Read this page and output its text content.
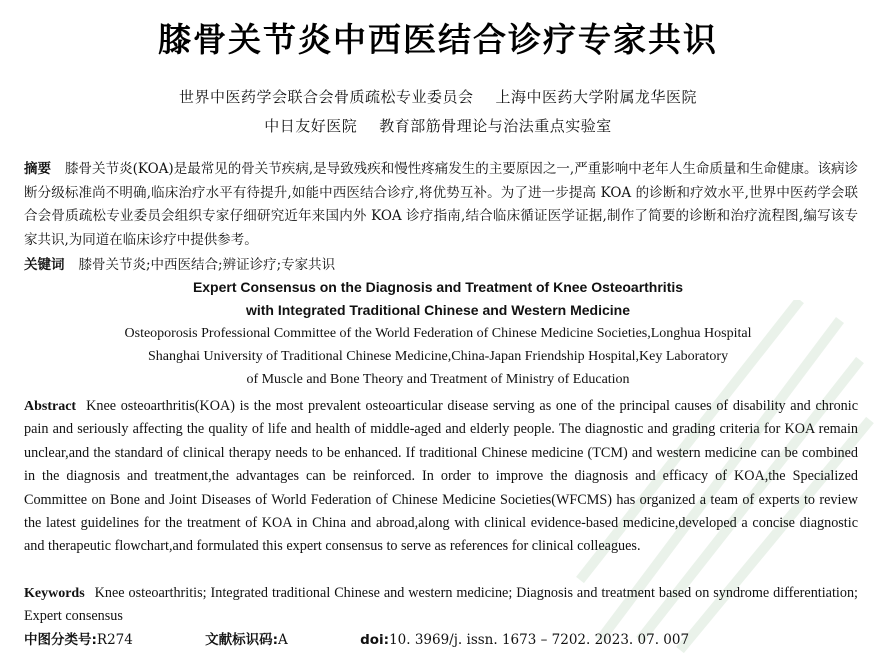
膝骨关节炎中西医结合诊疗专家共识
世界中医药学会联合会骨质疏松专业委员会 上海中医药大学附属龙华医院
中日友好医院 教育部筋骨理论与治法重点实验室
摘要 膝骨关节炎(KOA)是最常见的骨关节疾病,是导致残疾和慢性疼痛发生的主要原因之一,严重影响中老年人生命质量和生命健康。该病诊断分级标准尚不明确,临床治疗水平有待提升,如能中西医结合诊疗,将优势互补。为了进一步提高 KOA 的诊断和疗效水平,世界中医药学会联合会骨质疏松专业委员会组织专家仔细研究近年来国内外 KOA 诊疗指南,结合临床循证医学证据,制作了简要的诊断和治疗流程图,编写该专家共识,为同道在临床诊疗中提供参考。
关键词 膝骨关节炎;中西医结合;辨证诊疗;专家共识
Expert Consensus on the Diagnosis and Treatment of Knee Osteoarthritis
with Integrated Traditional Chinese and Western Medicine
Osteoporosis Professional Committee of the World Federation of Chinese Medicine Societies,Longhua Hospital
Shanghai University of Traditional Chinese Medicine,China-Japan Friendship Hospital,Key Laboratory
of Muscle and Bone Theory and Treatment of Ministry of Education
Abstract Knee osteoarthritis(KOA) is the most prevalent osteoarticular disease serving as one of the principal causes of disability and chronic pain and seriously affecting the quality of life and health of middle-aged and elderly people. The diagnostic and grading criteria for KOA remain unclear,and the standard of clinical therapy needs to be enhanced. If traditional Chinese medicine (TCM) and western medicine can be combined in the diagnosis and treatment,the advantages can be reinforced. In order to improve the diagnosis and efficacy of KOA,the Specialized Committee on Bone and Joint Diseases of World Federation of Chinese Medicine Societies(WFCMS) has organized a team of experts to review the latest guidelines for the treatment of KOA in China and abroad,along with clinical evidence-based medicine,developed a concise diagnostic and therapeutic flowchart,and formulated this expert consensus to serve as references for clinical colleagues.
Keywords Knee osteoarthritis; Integrated traditional Chinese and western medicine; Diagnosis and treatment based on syndrome differentiation; Expert consensus
中图分类号:R274	文献标识码:A	doi:10. 3969/j. issn. 1673 – 7202. 2023. 07. 007
